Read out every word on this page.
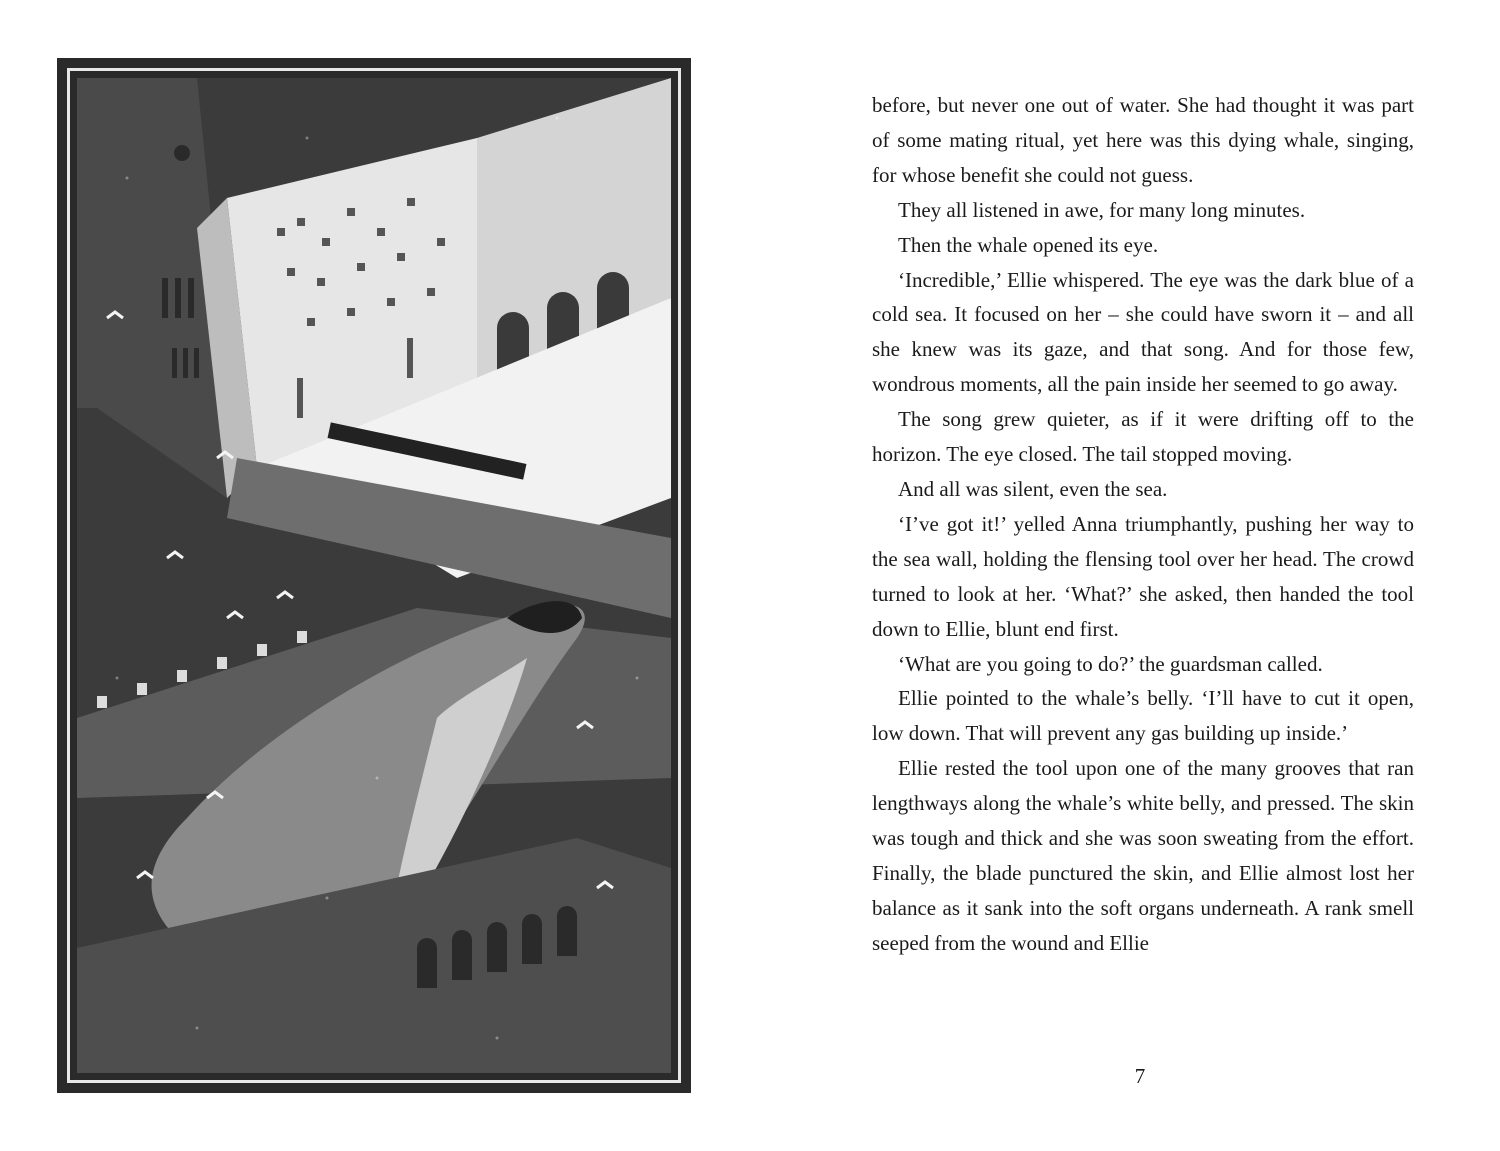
before, but never one out of water. She had thought it was part of some mating ritual, yet here was this dying whale, singing, for whose benefit she could not guess.

They all listened in awe, for many long minutes.

Then the whale opened its eye.

‘Incredible,’ Ellie whispered. The eye was the dark blue of a cold sea. It focused on her – she could have sworn it – and all she knew was its gaze, and that song. And for those few, wondrous moments, all the pain inside her seemed to go away.

The song grew quieter, as if it were drifting off to the horizon. The eye closed. The tail stopped moving.

And all was silent, even the sea.

‘I’ve got it!’ yelled Anna triumphantly, pushing her way to the sea wall, holding the flensing tool over her head. The crowd turned to look at her. ‘What?’ she asked, then handed the tool down to Ellie, blunt end first.

‘What are you going to do?’ the guardsman called.

Ellie pointed to the whale’s belly. ‘I’ll have to cut it open, low down. That will prevent any gas building up inside.’

Ellie rested the tool upon one of the many grooves that ran lengthways along the whale’s white belly, and pressed. The skin was tough and thick and she was soon sweating from the effort. Finally, the blade punctured the skin, and Ellie almost lost her balance as it sank into the soft organs underneath. A rank smell seeped from the wound and Ellie

7
